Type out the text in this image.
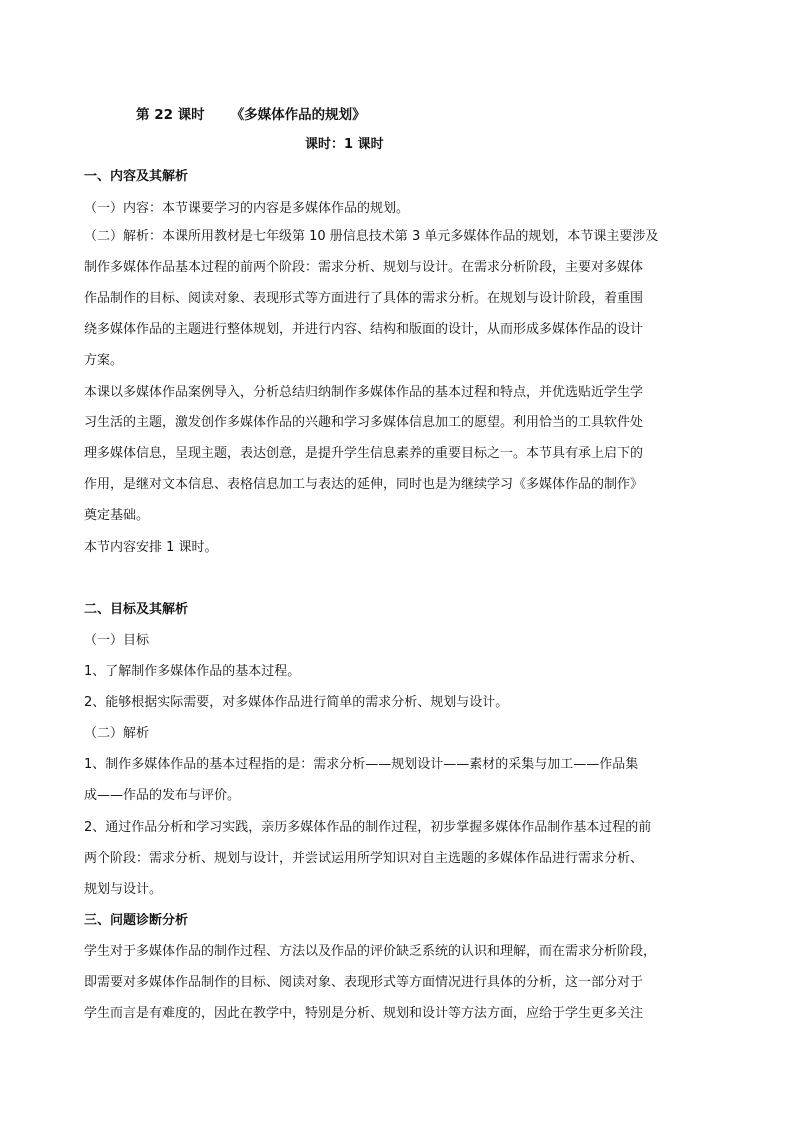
第 22 课时 《多媒体作品的规划》
课时：1 课时
一、内容及其解析
（一）内容：本节课要学习的内容是多媒体作品的规划。
（二）解析：本课所用教材是七年级第 10 册信息技术第 3 单元多媒体作品的规划，本节课主要涉及
制作多媒体作品基本过程的前两个阶段：需求分析、规划与设计。在需求分析阶段，主要对多媒体
作品制作的目标、阅读对象、表现形式等方面进行了具体的需求分析。在规划与设计阶段，着重围
绕多媒体作品的主题进行整体规划，并进行内容、结构和版面的设计，从而形成多媒体作品的设计
方案。
本课以多媒体作品案例导入，分析总结归纳制作多媒体作品的基本过程和特点，并优选贴近学生学
习生活的主题，激发创作多媒体作品的兴趣和学习多媒体信息加工的愿望。利用恰当的工具软件处
理多媒体信息，呈现主题，表达创意，是提升学生信息素养的重要目标之一。本节具有承上启下的
作用，是继对文本信息、表格信息加工与表达的延伸，同时也是为继续学习《多媒体作品的制作》
奠定基础。
本节内容安排 1 课时。
二、目标及其解析
（一）目标
1、了解制作多媒体作品的基本过程。
2、能够根据实际需要，对多媒体作品进行简单的需求分析、规划与设计。
（二）解析
1、制作多媒体作品的基本过程指的是：需求分析——规划设计——素材的采集与加工——作品集
成——作品的发布与评价。
2、通过作品分析和学习实践，亲历多媒体作品的制作过程，初步掌握多媒体作品制作基本过程的前
两个阶段：需求分析、规划与设计，并尝试运用所学知识对自主选题的多媒体作品进行需求分析、
规划与设计。
三、问题诊断分析
学生对于多媒体作品的制作过程、方法以及作品的评价缺乏系统的认识和理解，而在需求分析阶段，
即需要对多媒体作品制作的目标、阅读对象、表现形式等方面情况进行具体的分析，这一部分对于
学生而言是有难度的，因此在教学中，特别是分析、规划和设计等方法方面，应给于学生更多关注
